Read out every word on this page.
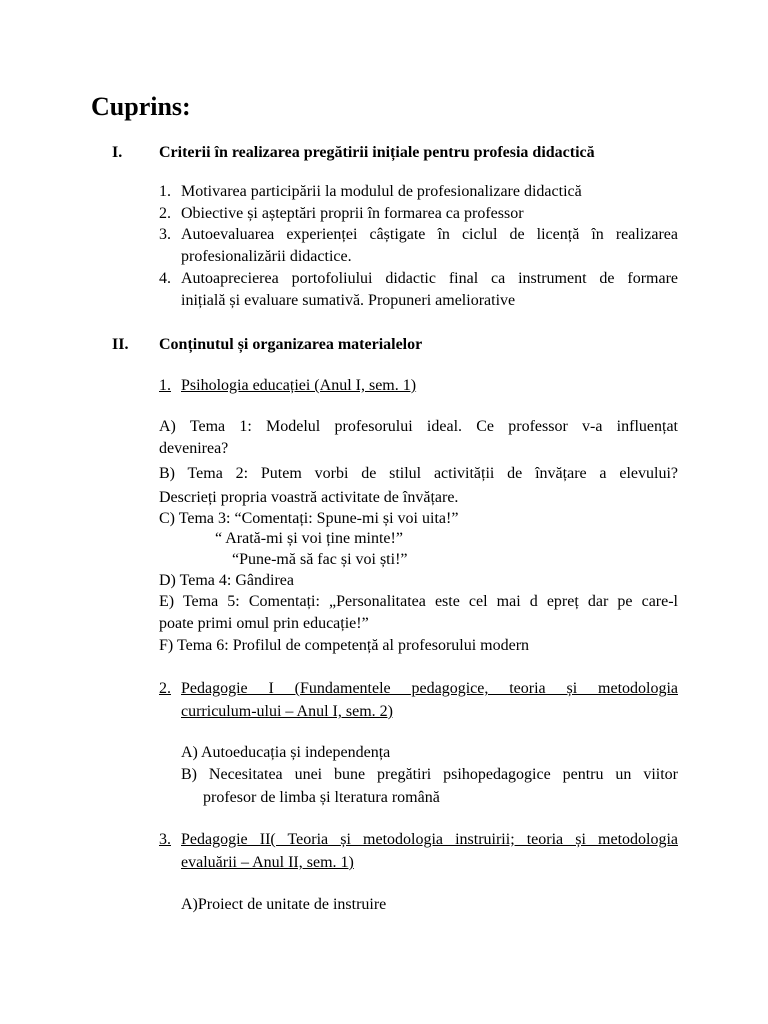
Cuprins:
I. Criterii în realizarea pregătirii inițiale pentru profesia didactică
1. Motivarea participării la modulul de profesionalizare didactică
2. Obiective și așteptări proprii în formarea ca professor
3. Autoevaluarea experienței câștigate în ciclul de licență în realizarea
profesionalizării didactice.
4. Autoaprecierea portofoliului didactic final ca instrument de formare
inițială și evaluare sumativă. Propuneri ameliorative
II. Conținutul și organizarea materialelor
1. Psihologia educației (Anul I, sem. 1)
A) Tema 1: Modelul profesorului ideal. Ce professor v-a influențat
devenirea?
B) Tema 2: Putem vorbi de stilul activității de învățare a elevului?
Descrieți propria voastră activitate de învățare.
C) Tema 3: “Comentați: Spune-mi și voi uita!”
“ Arată-mi și voi ține minte!”
“Pune-mă să fac și voi ști!”
D) Tema 4: Gândirea
E) Tema 5: Comentați: „Personalitatea este cel mai d epreț dar pe care-l
poate primi omul prin educație!”
F) Tema 6: Profilul de competență al profesorului modern
2. Pedagogie I (Fundamentele pedagogice, teoria și metodologia
curriculum-ului – Anul I, sem. 2)
A) Autoeducația și independența
B) Necesitatea unei bune pregătiri psihopedagogice pentru un viitor
profesor de limba și lteratura română
3. Pedagogie II( Teoria și metodologia instruirii; teoria și metodologia
evaluării – Anul II, sem. 1)
A)Proiect de unitate de instruire
